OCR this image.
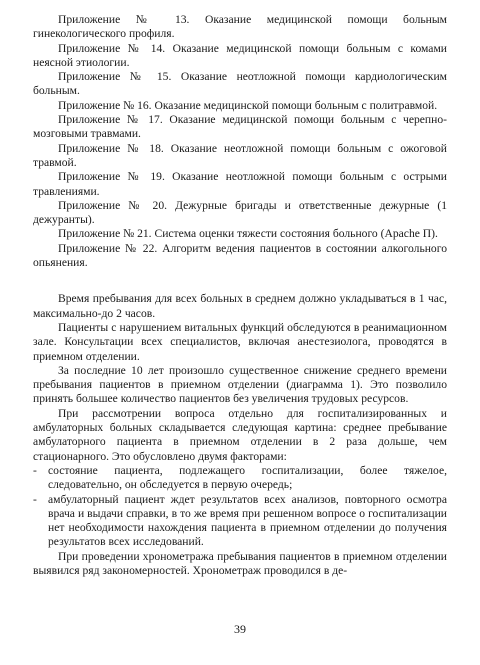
Приложение № 13. Оказание медицинской помощи больным гинекологического профиля.

Приложение № 14. Оказание медицинской помощи больным с комами неясной этиологии.

Приложение № 15. Оказание неотложной помощи кардиологическим больным.

Приложение № 16. Оказание медицинской помощи больным с политравмой.

Приложение № 17. Оказание медицинской помощи больным с черепно-мозговыми травмами.

Приложение № 18. Оказание неотложной помощи больным с ожоговой травмой.

Приложение № 19. Оказание неотложной помощи больным с острыми травлениями.

Приложение № 20. Дежурные бригады и ответственные дежурные (1 дежуранты).

Приложение № 21. Система оценки тяжести состояния больного (Apache П).

Приложение № 22. Алгоритм ведения пациентов в состоянии алкогольного опьянения.

Время пребывания для всех больных в среднем должно укладываться в 1 час, максимально-до 2 часов.

Пациенты с нарушением витальных функций обследуются в реанимационном зале. Консультации всех специалистов, включая анестезиолога, проводятся в приемном отделении.

За последние 10 лет произошло существенное снижение среднего времени пребывания пациентов в приемном отделении (диаграмма 1). Это позволило принять большее количество пациентов без увеличения трудовых ресурсов.

При рассмотрении вопроса отдельно для госпитализированных и амбулаторных больных складывается следующая картина: среднее пребывание амбулаторного пациента в приемном отделении в 2 раза дольше, чем стационарного. Это обусловлено двумя факторами:

- состояние пациента, подлежащего госпитализации, более тяжелое, следовательно, он обследуется в первую очередь;

- амбулаторный пациент ждет результатов всех анализов, повторного осмотра врача и выдачи справки, в то же время при решенном вопросе о госпитализации нет необходимости нахождения пациента в приемном отделении до получения результатов всех исследований.

При проведении хронометража пребывания пациентов в приемном отделении выявился ряд закономерностей. Хронометраж проводился в де-

39
